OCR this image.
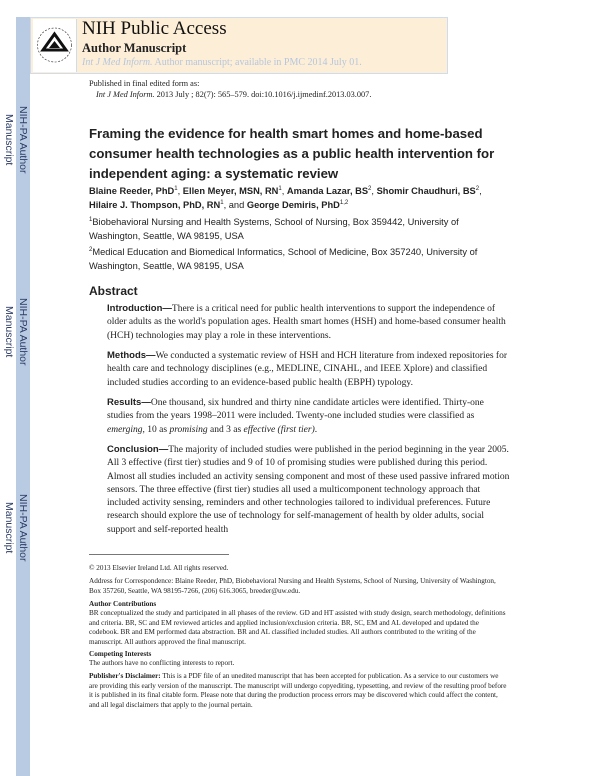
NIH-PA Author Manuscript
NIH-PA Author Manuscript
NIH-PA Author Manuscript
NIH Public Access
Author Manuscript
Int J Med Inform. Author manuscript; available in PMC 2014 July 01.
Published in final edited form as:
Int J Med Inform. 2013 July ; 82(7): 565–579. doi:10.1016/j.ijmedinf.2013.03.007.
Framing the evidence for health smart homes and home-based consumer health technologies as a public health intervention for independent aging: a systematic review
Blaine Reeder, PhD$^1$, Ellen Meyer, MSN, $RN^1$, Amanda Lazar, $BS^2$, Shomir Chaudhuri, $BS^2$,
Hilaire J. Thompson, PhD, $RN^1$, and George Demiris, PhD$^{1,2}$
$^1$Biobehavioral Nursing and Health Systems, School of Nursing, Box 359442, University of Washington, Seattle, WA 98195, USA
$^2$Medical Education and Biomedical Informatics, School of Medicine, Box 357240, University of Washington, Seattle, WA 98195, USA
Abstract
Introduction—There is a critical need for public health interventions to support the independence of older adults as the world's population ages. Health smart homes (HSH) and home-based consumer health (HCH) technologies may play a role in these interventions.
Methods—We conducted a systematic review of HSH and HCH literature from indexed repositories for health care and technology disciplines (e.g., MEDLINE, CINAHL, and IEEE Xplore) and classified included studies according to an evidence-based public health (EBPH) typology.
Results—One thousand, six hundred and thirty nine candidate articles were identified. Thirty-one studies from the years 1998–2011 were included. Twenty-one included studies were classified as emerging, 10 as promising and 3 as effective (first tier).
Conclusion—The majority of included studies were published in the period beginning in the year 2005. All 3 effective (first tier) studies and 9 of 10 of promising studies were published during this period. Almost all studies included an activity sensing component and most of these used passive infrared motion sensors. The three effective (first tier) studies all used a multicomponent technology approach that included activity sensing, reminders and other technologies tailored to individual preferences. Future research should explore the use of technology for self-management of health by older adults, social support and self-reported health
© 2013 Elsevier Ireland Ltd. All rights reserved.
Address for Correspondence: Blaine Reeder, PhD, Biobehavioral Nursing and Health Systems, School of Nursing, University of Washington, Box 357260, Seattle, WA 98195-7266, (206) 616.3065, breeder@uw.edu.
Author Contributions
BR conceptualized the study and participated in all phases of the review. GD and HT assisted with study design, search methodology, definitions and criteria. BR, SC and EM reviewed articles and applied inclusion/exclusion criteria. BR, SC, EM and AL developed and updated the codebook. BR and EM performed data abstraction. BR and AL classified included studies. All authors contributed to the writing of the manuscript. All authors approved the final manuscript.
Competing Interests
The authors have no conflicting interests to report.
Publisher's Disclaimer: This is a PDF file of an unedited manuscript that has been accepted for publication. As a service to our customers we are providing this early version of the manuscript. The manuscript will undergo copyediting, typesetting, and review of the resulting proof before it is published in its final citable form. Please note that during the production process errors may be discovered which could affect the content, and all legal disclaimers that apply to the journal pertain.
